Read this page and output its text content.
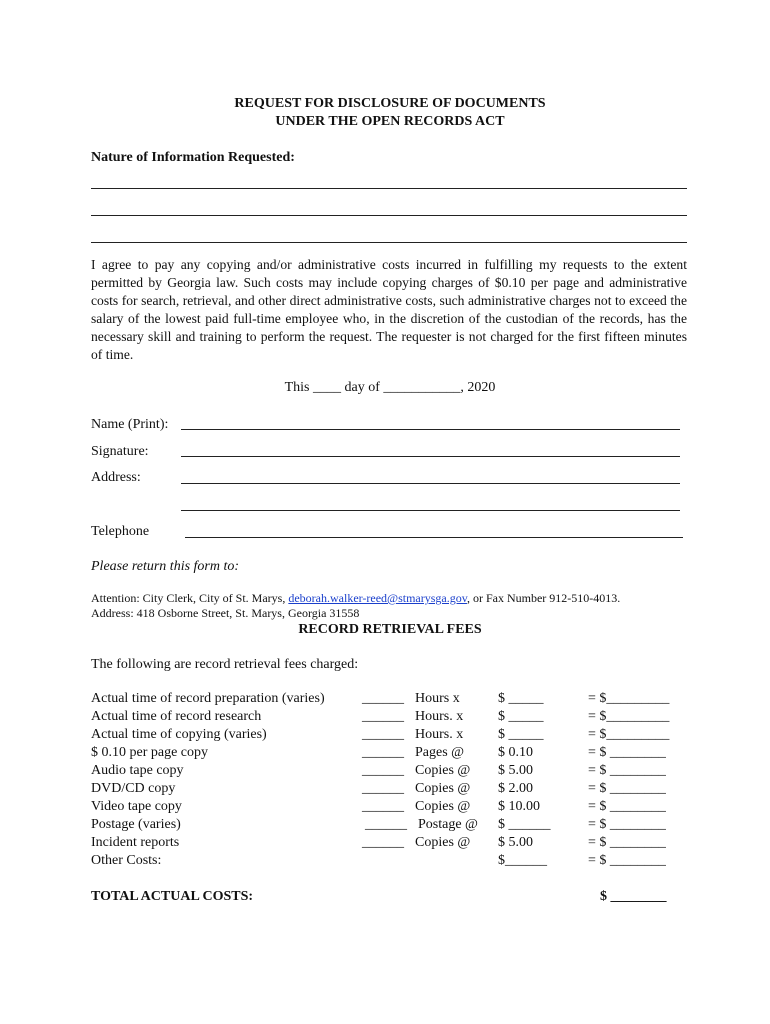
REQUEST FOR DISCLOSURE OF DOCUMENTS
UNDER THE OPEN RECORDS ACT
Nature of Information Requested:
I agree to pay any copying and/or administrative costs incurred in fulfilling my requests to the extent permitted by Georgia law. Such costs may include copying charges of $0.10 per page and administrative costs for search, retrieval, and other direct administrative costs, such administrative charges not to exceed the salary of the lowest paid full-time employee who, in the discretion of the custodian of the records, has the necessary skill and training to perform the request. The requester is not charged for the first fifteen minutes of time.
This ____ day of ___________, 2020
Name (Print):
Signature:
Address:
Telephone
Please return this form to:
Attention: City Clerk, City of St. Marys, deborah.walker-reed@stmarysga.gov, or Fax Number 912-510-4013.
Address: 418 Osborne Street, St. Marys, Georgia 31558
RECORD RETRIEVAL FEES
The following are record retrieval fees charged:
Actual time of record preparation (varies)	______ Hours x	$ _____	= $_________
Actual time of record research	______ Hours. x $ _____	= $_________
Actual time of copying (varies)	______ Hours. x $ _____	= $_________
$ 0.10 per page copy	______ Pages @ $ 0.10	= $ ________
Audio tape copy	______ Copies @ $ 5.00	= $ ________
DVD/CD copy	______ Copies @ $ 2.00	= $ ________
Video tape copy	______ Copies @ $ 10.00	= $ ________
Postage (varies)	______ Postage @ $ ______	= $ ________
Incident reports	______ Copies @ $ 5.00	= $ ________
Other Costs:	$______	= $ ________
TOTAL ACTUAL COSTS:	$ ________
